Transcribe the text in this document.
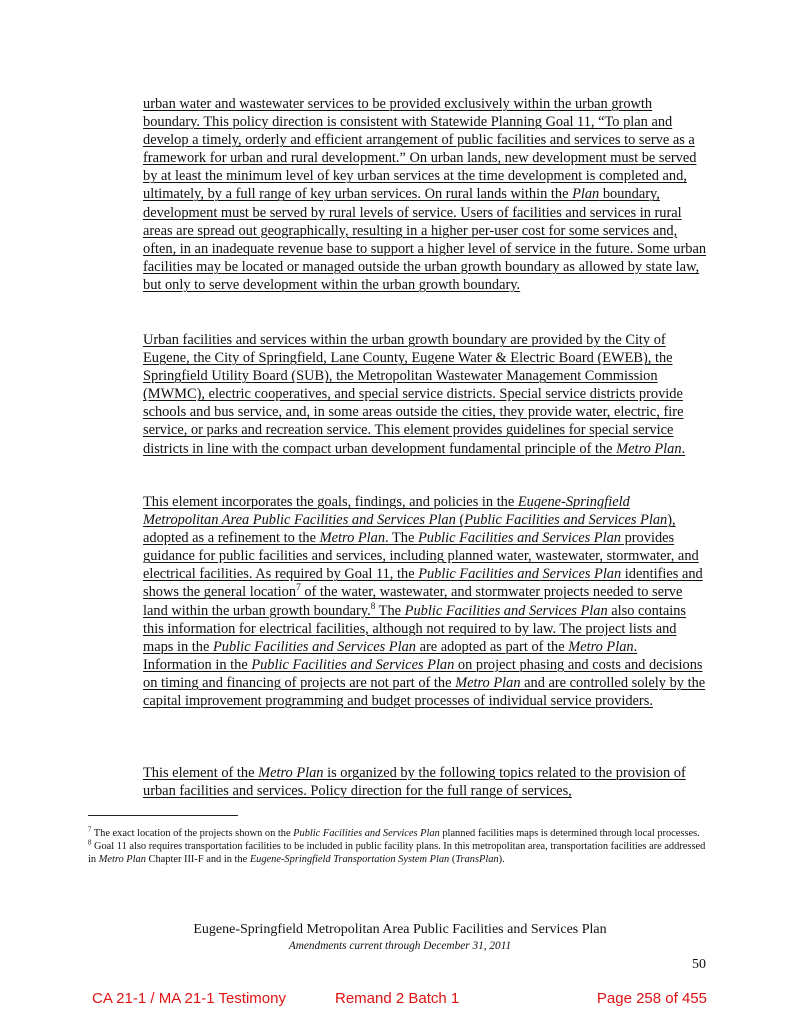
urban water and wastewater services to be provided exclusively within the urban growth boundary. This policy direction is consistent with Statewide Planning Goal 11, “To plan and develop a timely, orderly and efficient arrangement of public facilities and services to serve as a framework for urban and rural development.” On urban lands, new development must be served by at least the minimum level of key urban services at the time development is completed and, ultimately, by a full range of key urban services. On rural lands within the Plan boundary, development must be served by rural levels of service. Users of facilities and services in rural areas are spread out geographically, resulting in a higher per-user cost for some services and, often, in an inadequate revenue base to support a higher level of service in the future. Some urban facilities may be located or managed outside the urban growth boundary as allowed by state law, but only to serve development within the urban growth boundary.

Urban facilities and services within the urban growth boundary are provided by the City of Eugene, the City of Springfield, Lane County, Eugene Water & Electric Board (EWEB), the Springfield Utility Board (SUB), the Metropolitan Wastewater Management Commission (MWMC), electric cooperatives, and special service districts. Special service districts provide schools and bus service, and, in some areas outside the cities, they provide water, electric, fire service, or parks and recreation service. This element provides guidelines for special service districts in line with the compact urban development fundamental principle of the Metro Plan.

This element incorporates the goals, findings, and policies in the Eugene-Springfield Metropolitan Area Public Facilities and Services Plan (Public Facilities and Services Plan), adopted as a refinement to the Metro Plan. The Public Facilities and Services Plan provides guidance for public facilities and services, including planned water, wastewater, stormwater, and electrical facilities. As required by Goal 11, the Public Facilities and Services Plan identifies and shows the general location$^7$ of the water, wastewater, and stormwater projects needed to serve land within the urban growth boundary.$^8$ The Public Facilities and Services Plan also contains this information for electrical facilities, although not required to by law. The project lists and maps in the Public Facilities and Services Plan are adopted as part of the Metro Plan. Information in the Public Facilities and Services Plan on project phasing and costs and decisions on timing and financing of projects are not part of the Metro Plan and are controlled solely by the capital improvement programming and budget processes of individual service providers.

This element of the Metro Plan is organized by the following topics related to the provision of urban facilities and services. Policy direction for the full range of services,

$^7$ The exact location of the projects shown on the Public Facilities and Services Plan planned facilities maps is determined through local processes.

$^8$ Goal 11 also requires transportation facilities to be included in public facility plans. In this metropolitan area, transportation facilities are addressed in Metro Plan Chapter III-F and in the Eugene-Springfield Transportation System Plan (TransPlan).

Eugene-Springfield Metropolitan Area Public Facilities and Services Plan
Amendments current through December 31, 2011
50
CA 21-1 / MA 21-1 Testimony	Remand 2 Batch 1	Page 258 of 455
